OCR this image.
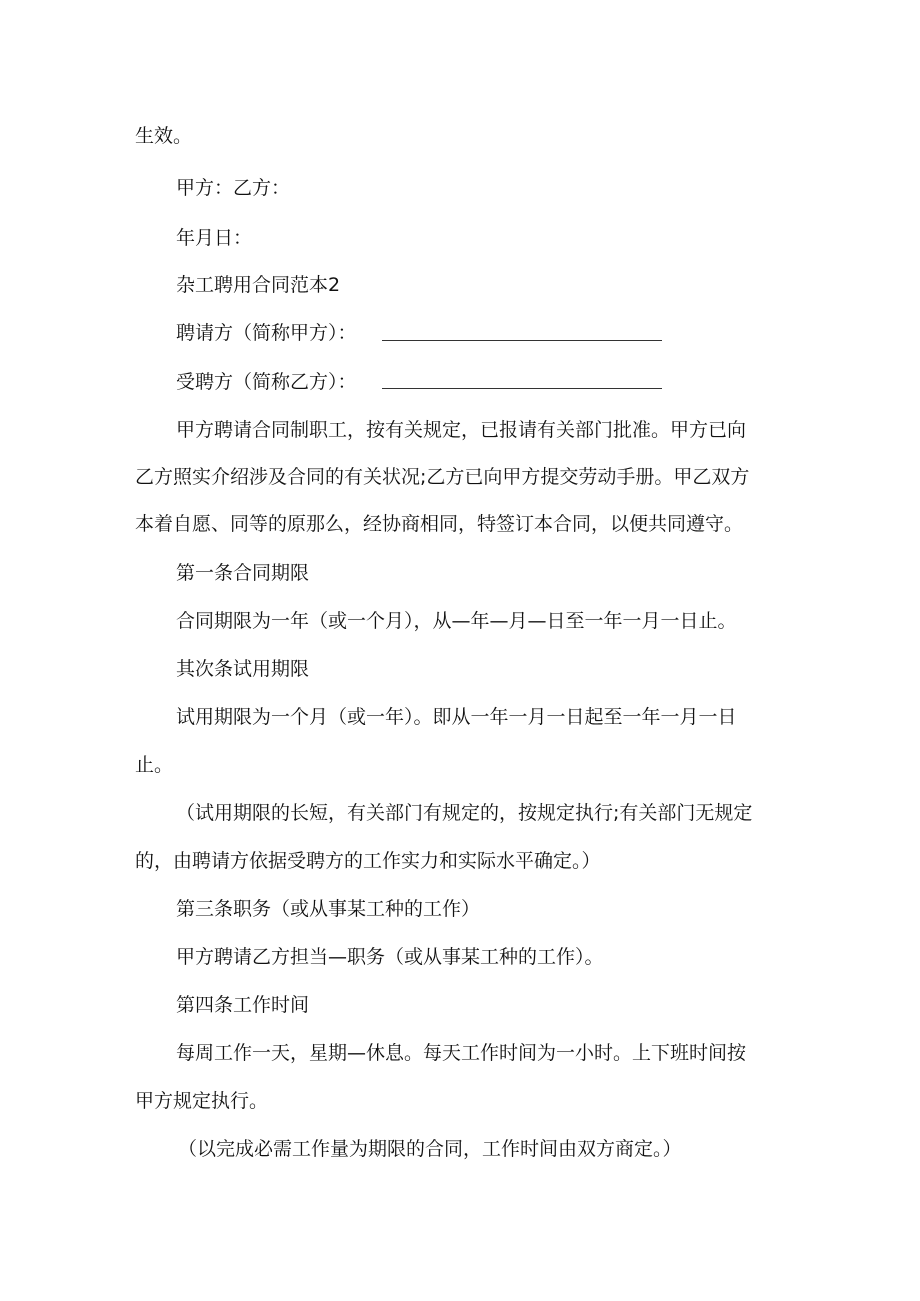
生效。
甲方：乙方：
年月日：
杂工聘用合同范本2
聘请方（简称甲方）：
受聘方（简称乙方）：
甲方聘请合同制职工，按有关规定，已报请有关部门批准。甲方已向
乙方照实介绍涉及合同的有关状况;乙方已向甲方提交劳动手册。甲乙双方
本着自愿、同等的原那么，经协商相同，特签订本合同，以便共同遵守。
第一条合同期限
合同期限为一年（或一个月），从—年—月—日至一年一月一日止。
其次条试用期限
试用期限为一个月（或一年）。即从一年一月一日起至一年一月一日
止。
（试用期限的长短，有关部门有规定的，按规定执行;有关部门无规定
的，由聘请方依据受聘方的工作实力和实际水平确定。）
第三条职务（或从事某工种的工作）
甲方聘请乙方担当—职务（或从事某工种的工作）。
第四条工作时间
每周工作一天，星期—休息。每天工作时间为一小时。上下班时间按
甲方规定执行。
（以完成必需工作量为期限的合同，工作时间由双方商定。）
